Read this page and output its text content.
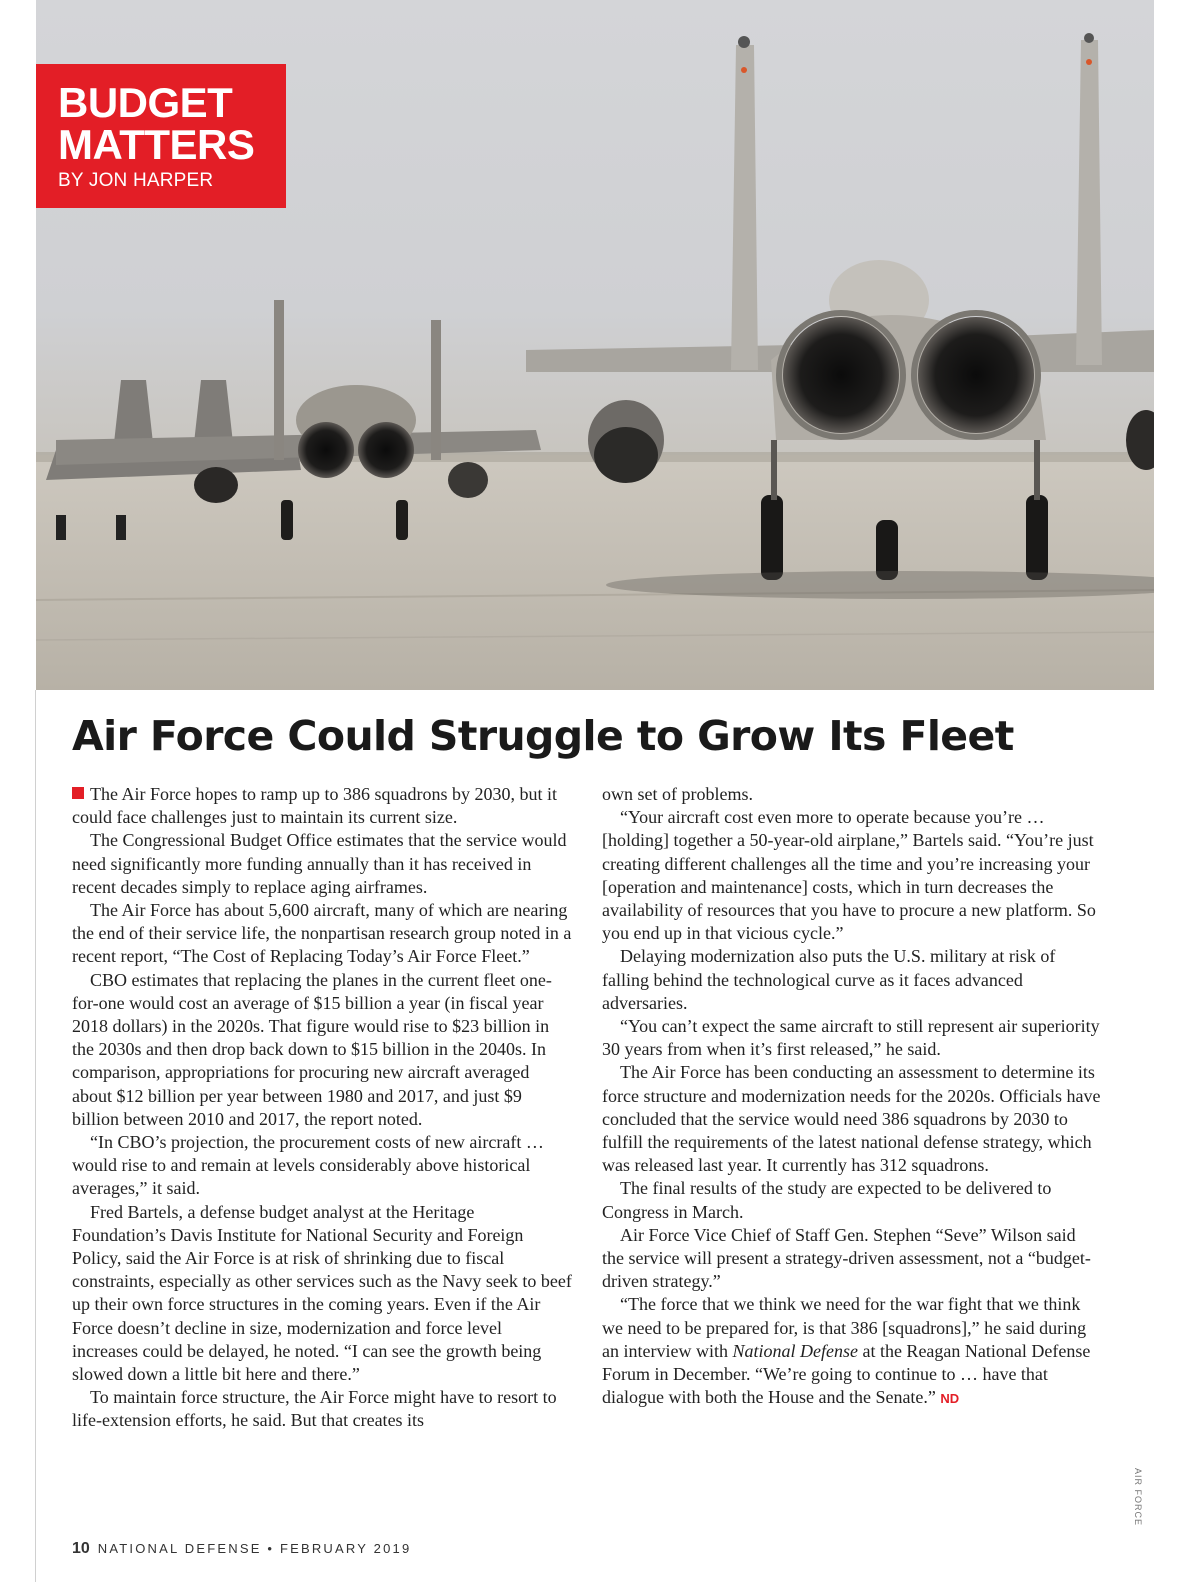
BUDGET
MATTERS
BY JON HARPER
Air Force Could Struggle to Grow Its Fleet

The Air Force hopes to ramp up to 386 squadrons by 2030, but it could face challenges just to maintain its current size.

The Congressional Budget Office estimates that the service would need significantly more funding annually than it has received in recent decades simply to replace aging airframes.

The Air Force has about 5,600 aircraft, many of which are nearing the end of their service life, the nonpartisan research group noted in a recent report, “The Cost of Replacing Today’s Air Force Fleet.”

CBO estimates that replacing the planes in the current fleet one-for-one would cost an average of $15 billion a year (in fiscal year 2018 dollars) in the 2020s. That figure would rise to $23 billion in the 2030s and then drop back down to $15 billion in the 2040s. In comparison, appropriations for procuring new aircraft averaged about $12 billion per year between 1980 and 2017, and just $9 billion between 2010 and 2017, the report noted.

“In CBO’s projection, the procurement costs of new aircraft … would rise to and remain at levels considerably above historical averages,” it said.

Fred Bartels, a defense budget analyst at the Heritage Foundation’s Davis Institute for National Security and Foreign Policy, said the Air Force is at risk of shrinking due to fiscal constraints, especially as other services such as the Navy seek to beef up their own force structures in the coming years. Even if the Air Force doesn’t decline in size, modernization and force level increases could be delayed, he noted. “I can see the growth being slowed down a little bit here and there.”

To maintain force structure, the Air Force might have to resort to life-extension efforts, he said. But that creates its

own set of problems.

“Your aircraft cost even more to operate because you’re … [holding] together a 50-year-old airplane,” Bartels said. “You’re just creating different challenges all the time and you’re increasing your [operation and maintenance] costs, which in turn decreases the availability of resources that you have to procure a new platform. So you end up in that vicious cycle.”

Delaying modernization also puts the U.S. military at risk of falling behind the technological curve as it faces advanced adversaries.

“You can’t expect the same aircraft to still represent air superiority 30 years from when it’s first released,” he said.

The Air Force has been conducting an assessment to determine its force structure and modernization needs for the 2020s. Officials have concluded that the service would need 386 squadrons by 2030 to fulfill the requirements of the latest national defense strategy, which was released last year. It currently has 312 squadrons.

The final results of the study are expected to be delivered to Congress in March.

Air Force Vice Chief of Staff Gen. Stephen “Seve” Wilson said the service will present a strategy-driven assessment, not a “budget-driven strategy.”

“The force that we think we need for the war fight that we think we need to be prepared for, is that 386 [squadrons],” he said during an interview with National Defense at the Reagan National Defense Forum in December. “We’re going to continue to … have that dialogue with both the House and the Senate.” ND

10 NATIONAL DEFENSE • FEBRUARY 2019
AIR FORCE
